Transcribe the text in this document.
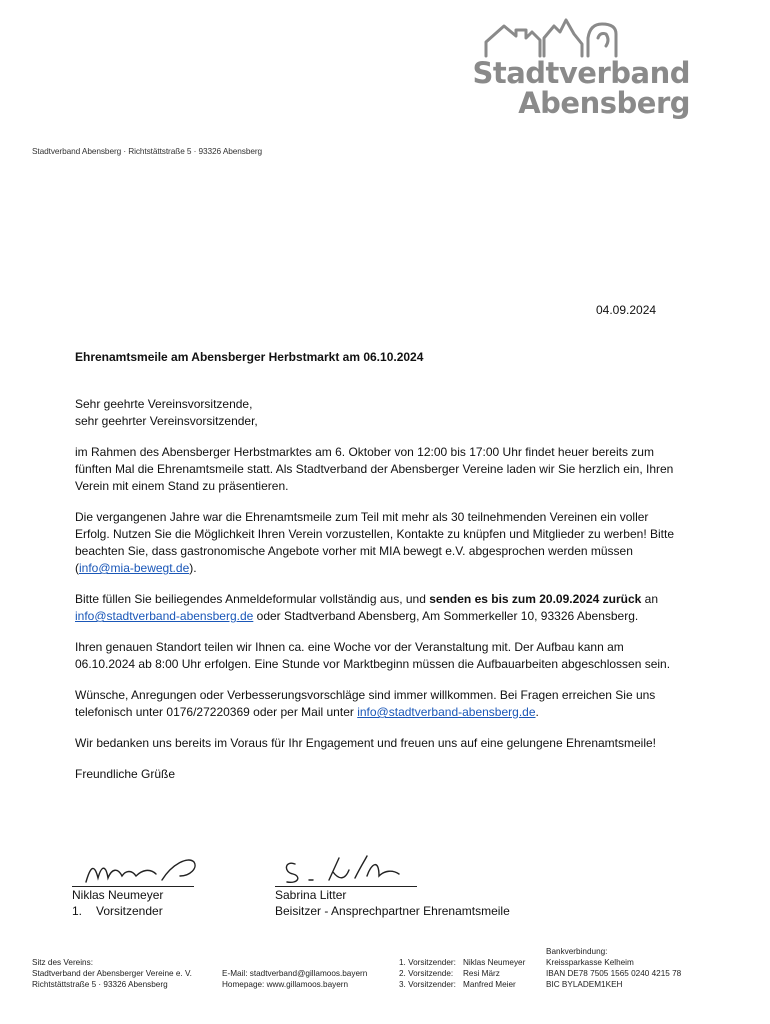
Stadtverband
Abensberg
Stadtverband Abensberg · Richtstättstraße 5 · 93326 Abensberg
04.09.2024
Ehrenamtsmeile am Abensberger Herbstmarkt am 06.10.2024

Sehr geehrte Vereinsvorsitzende,
sehr geehrter Vereinsvorsitzender,

im Rahmen des Abensberger Herbstmarktes am 6. Oktober von 12:00 bis 17:00 Uhr findet heuer bereits zum fünften Mal die Ehrenamtsmeile statt. Als Stadtverband der Abensberger Vereine laden wir Sie herzlich ein, Ihren Verein mit einem Stand zu präsentieren.

Die vergangenen Jahre war die Ehrenamtsmeile zum Teil mit mehr als 30 teilnehmenden Vereinen ein voller Erfolg. Nutzen Sie die Möglichkeit Ihren Verein vorzustellen, Kontakte zu knüpfen und Mitglieder zu werben! Bitte beachten Sie, dass gastronomische Angebote vorher mit MIA bewegt e.V. abgesprochen werden müssen (info@mia-bewegt.de).

Bitte füllen Sie beiliegendes Anmeldeformular vollständig aus, und senden es bis zum 20.09.2024 zurück an info@stadtverband-abensberg.de oder Stadtverband Abensberg, Am Sommerkeller 10, 93326 Abensberg.

Ihren genauen Standort teilen wir Ihnen ca. eine Woche vor der Veranstaltung mit. Der Aufbau kann am 06.10.2024 ab 8:00 Uhr erfolgen. Eine Stunde vor Marktbeginn müssen die Aufbauarbeiten abgeschlossen sein.

Wünsche, Anregungen oder Verbesserungsvorschläge sind immer willkommen. Bei Fragen erreichen Sie uns telefonisch unter 0176/27220369 oder per Mail unter info@stadtverband-abensberg.de.

Wir bedanken uns bereits im Voraus für Ihr Engagement und freuen uns auf eine gelungene Ehrenamtsmeile!

Freundliche Grüße

Niklas Neumeyer
1. Vorsitzender
Sabrina Litter
Beisitzer - Ansprechpartner Ehrenamtsmeile
Sitz des Vereins:
Stadtverband der Abensberger Vereine e. V.
Richtstättstraße 5 · 93326 Abensberg
E-Mail: stadtverband@gillamoos.bayern
Homepage: www.gillamoos.bayern
1. Vorsitzender: Niklas Neumeyer
2. Vorsitzende: Resi März
3. Vorsitzender: Manfred Meier
Bankverbindung:
Kreissparkasse Kelheim
IBAN DE78 7505 1565 0240 4215 78
BIC BYLADEM1KEH
